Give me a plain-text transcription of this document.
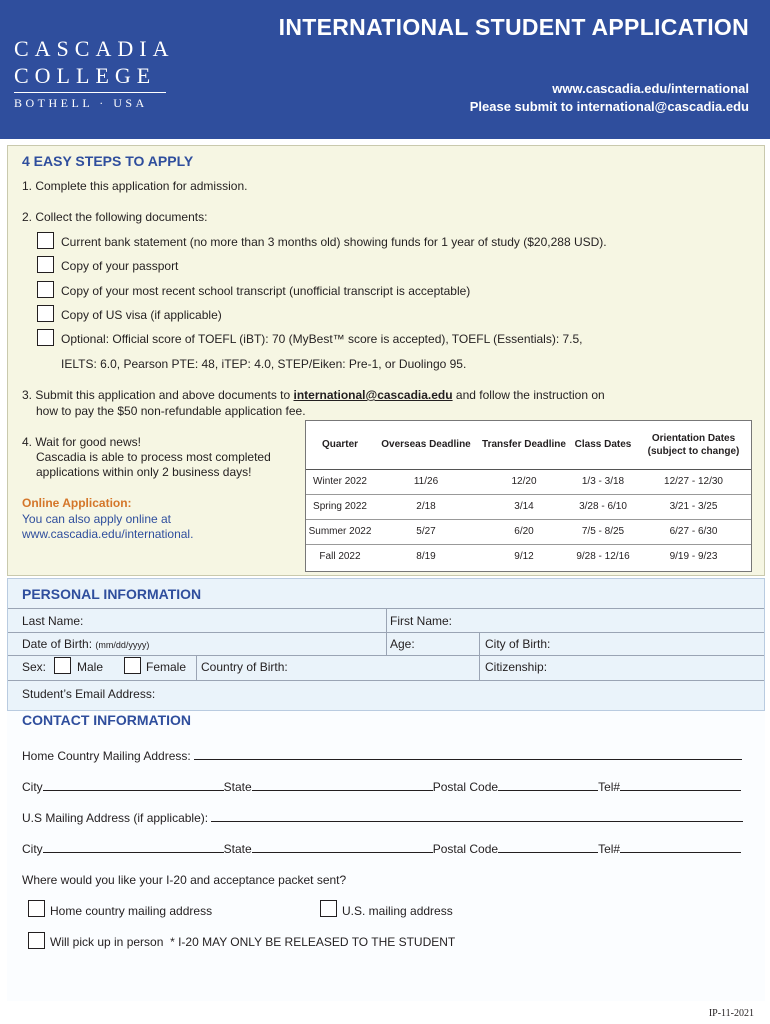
CASCADIA
COLLEGE
BOTHELL · USA
INTERNATIONAL STUDENT APPLICATION
www.cascadia.edu/international
Please submit to international@cascadia.edu
4 EASY STEPS TO APPLY
1. Complete this application for admission.
2. Collect the following documents:
Current bank statement (no more than 3 months old) showing funds for 1 year of study ($20,288 USD).
Copy of your passport
Copy of your most recent school transcript (unofficial transcript is acceptable)
Copy of US visa (if applicable)
Optional: Official score of TOEFL (iBT): 70 (MyBest™ score is accepted), TOEFL (Essentials): 7.5,
IELTS: 6.0, Pearson PTE: 48, iTEP: 4.0, STEP/Eiken: Pre-1, or Duolingo 95.
3. Submit this application and above documents to international@cascadia.edu and follow the instruction on
how to pay the $50 non-refundable application fee.
4. Wait for good news!
Cascadia is able to process most completed
applications within only 2 business days!
Online Application:
You can also apply online at
www.cascadia.edu/international.
Quarter	Overseas Deadline	Transfer Deadline	Class Dates	Orientation Dates (subject to change)
Winter 2022	11/26	12/20	1/3 - 3/18	12/27 - 12/30
Spring 2022	2/18	3/14	3/28 - 6/10	3/21 - 3/25
Summer 2022	5/27	6/20	7/5 - 8/25	6/27 - 6/30
Fall 2022	8/19	9/12	9/28 - 12/16	9/19 - 9/23
PERSONAL INFORMATION
Last Name:	First Name:
Date of Birth: (mm/dd/yyyy)	Age:	City of Birth:
Sex:	Male	Female Country of Birth:	Citizenship:
Student’s Email Address:
CONTACT INFORMATION
Home Country Mailing Address:
City	State	Postal Code	Tel#
U.S Mailing Address (if applicable):
City	State	Postal Code	Tel#
Where would you like your I-20 and acceptance packet sent?
Home country mailing address	U.S. mailing address
Will pick up in person * I-20 MAY ONLY BE RELEASED TO THE STUDENT
IP-11-2021
